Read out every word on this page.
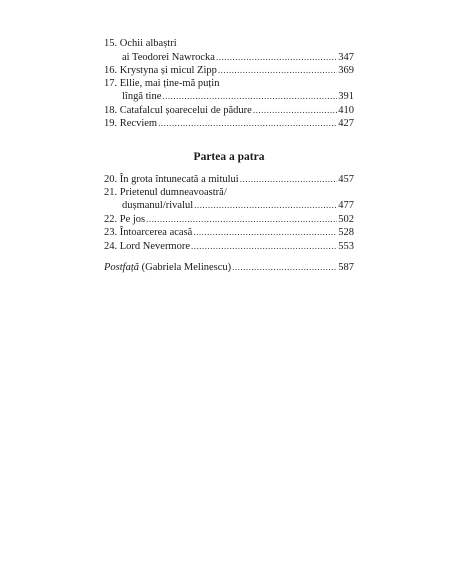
15. Ochii albaștri
ai Teodorei Nawrocka .....	347
16. Krystyna și micul Zipp .....	369
17. Ellie, mai ține-mă puțin
lîngă tine .....	391
18. Catafalcul șoarecelui de pădure .....	410
19. Recviem .....	427
Partea a patra
20. În grota întunecată a mitului .....	457
21. Prietenul dumneavoastră/
dușmanul/rivalul .....	477
22. Pe jos .....	502
23. Întoarcerea acasă .....	528
24. Lord Nevermore .....	553
Postfață (Gabriela Melinescu) .....	587
